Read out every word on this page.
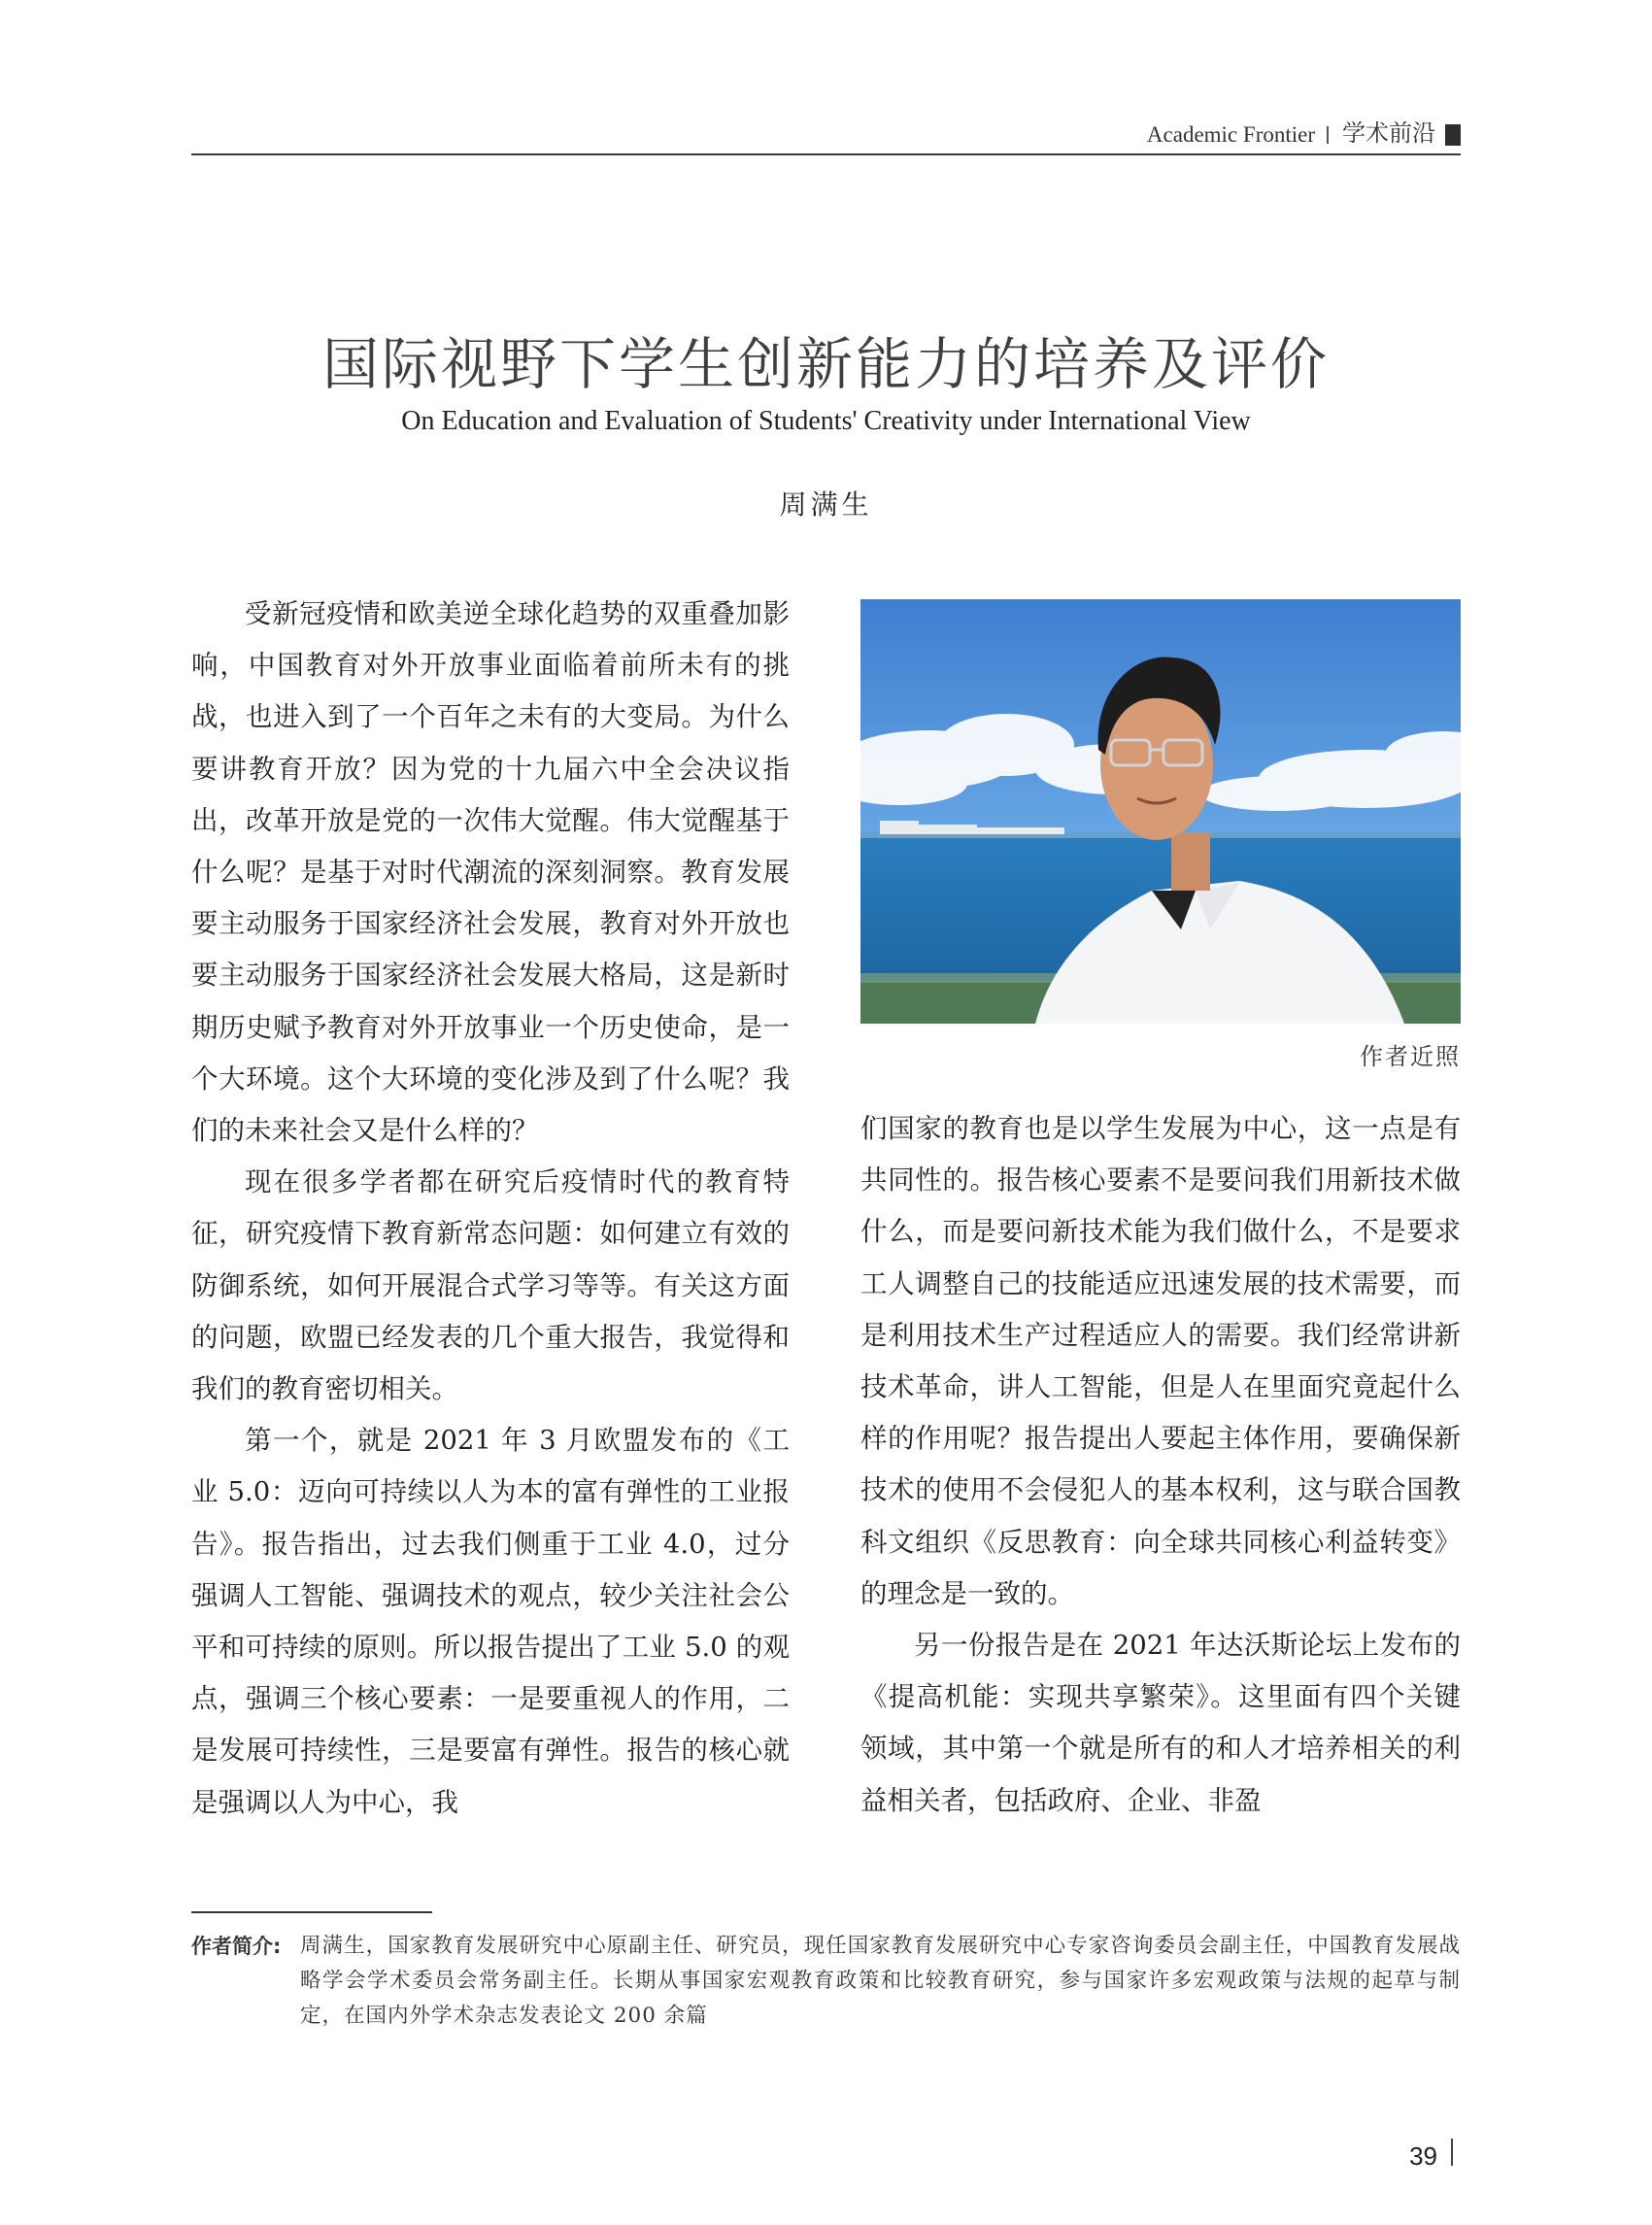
Academic Frontier 学术前沿
国际视野下学生创新能力的培养及评价
On Education and Evaluation of Students' Creativity under International View
周满生

受新冠疫情和欧美逆全球化趋势的双重叠加影响，中国教育对外开放事业面临着前所未有的挑战，也进入到了一个百年之未有的大变局。为什么要讲教育开放？因为党的十九届六中全会决议指出，改革开放是党的一次伟大觉醒。伟大觉醒基于什么呢？是基于对时代潮流的深刻洞察。教育发展要主动服务于国家经济社会发展，教育对外开放也要主动服务于国家经济社会发展大格局，这是新时期历史赋予教育对外开放事业一个历史使命，是一个大环境。这个大环境的变化涉及到了什么呢？我们的未来社会又是什么样的？

现在很多学者都在研究后疫情时代的教育特征，研究疫情下教育新常态问题：如何建立有效的防御系统，如何开展混合式学习等等。有关这方面的问题，欧盟已经发表的几个重大报告，我觉得和我们的教育密切相关。

第一个，就是 2021 年 3 月欧盟发布的《工业 5.0：迈向可持续以人为本的富有弹性的工业报告》。报告指出，过去我们侧重于工业 4.0，过分强调人工智能、强调技术的观点，较少关注社会公平和可持续的原则。所以报告提出了工业 5.0 的观点，强调三个核心要素：一是要重视人的作用，二是发展可持续性，三是要富有弹性。报告的核心就是强调以人为中心，我

作者近照

们国家的教育也是以学生发展为中心，这一点是有共同性的。报告核心要素不是要问我们用新技术做什么，而是要问新技术能为我们做什么，不是要求工人调整自己的技能适应迅速发展的技术需要，而是利用技术生产过程适应人的需要。我们经常讲新技术革命，讲人工智能，但是人在里面究竟起什么样的作用呢？报告提出人要起主体作用，要确保新技术的使用不会侵犯人的基本权利，这与联合国教科文组织《反思教育：向全球共同核心利益转变》的理念是一致的。

另一份报告是在 2021 年达沃斯论坛上发布的《提高机能：实现共享繁荣》。这里面有四个关键领域，其中第一个就是所有的和人才培养相关的利益相关者，包括政府、企业、非盈

作者简介: 周满生，国家教育发展研究中心原副主任、研究员，现任国家教育发展研究中心专家咨询委员会副主任，中国教育发展战略学会学术委员会常务副主任。长期从事国家宏观教育政策和比较教育研究，参与国家许多宏观政策与法规的起草与制定，在国内外学术杂志发表论文 200 余篇
39
